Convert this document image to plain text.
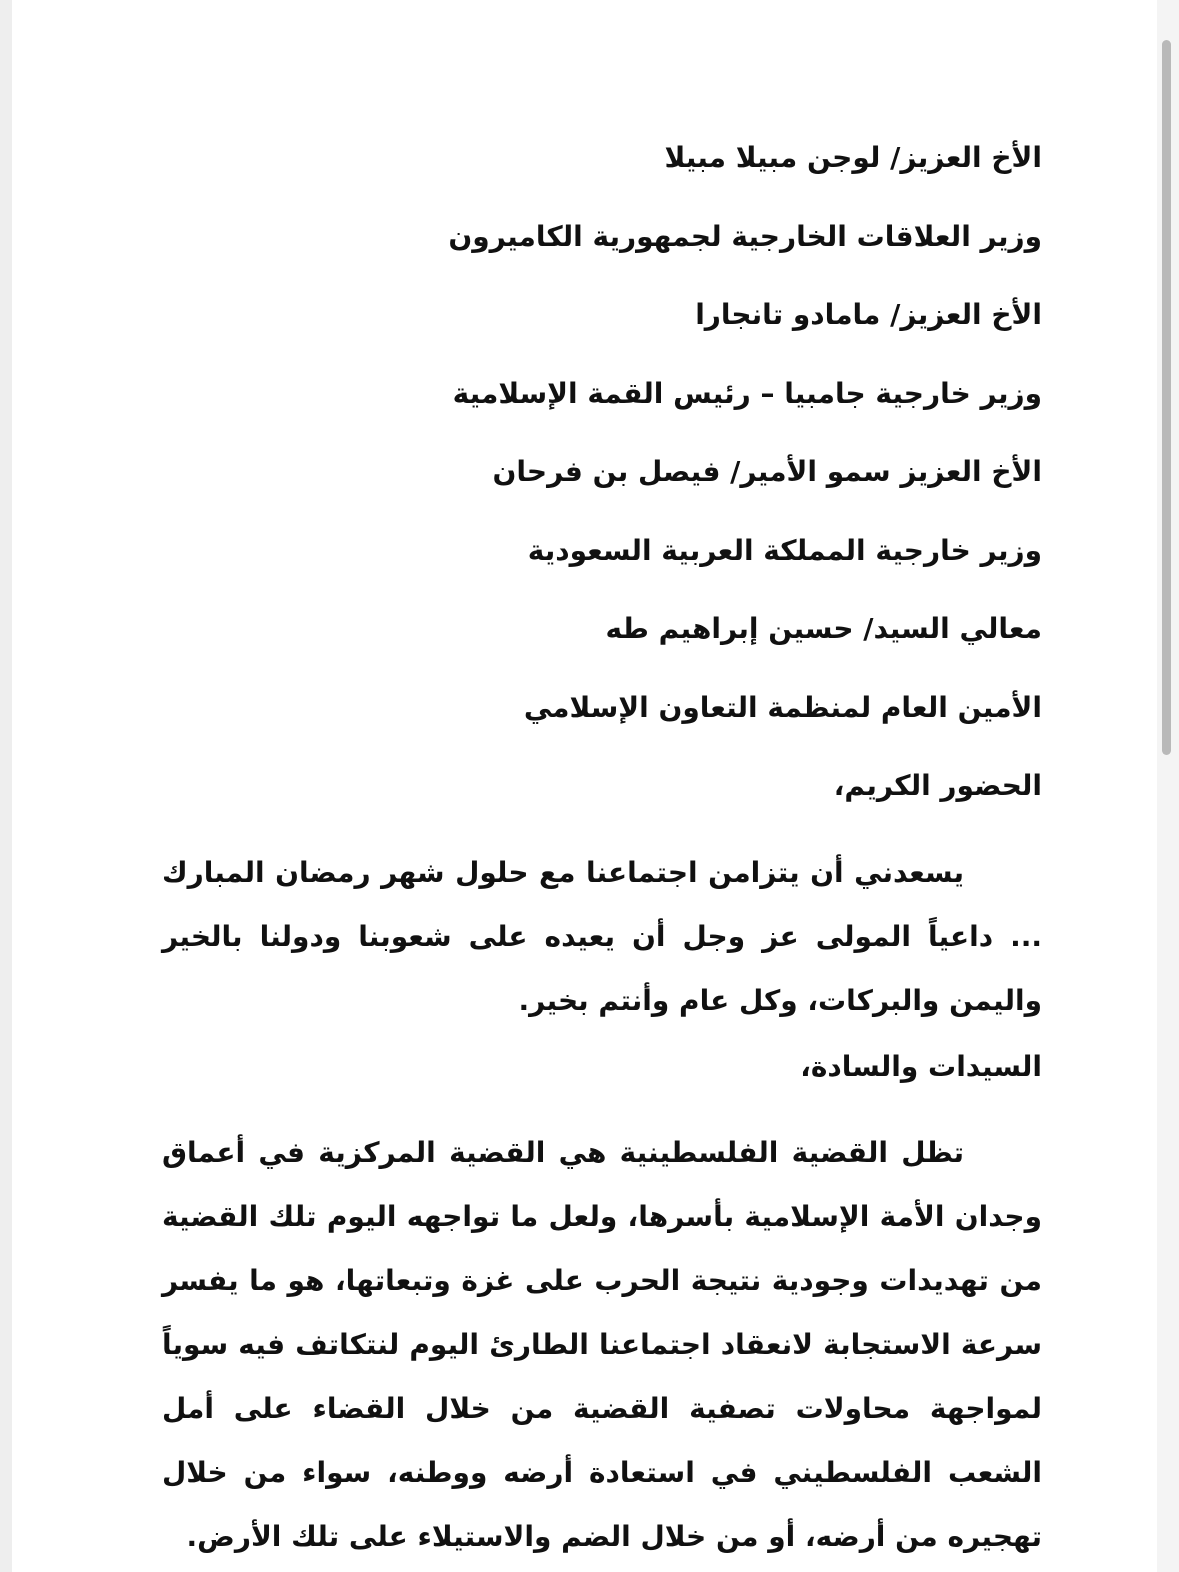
الأخ العزيز/ لوجن مبيلا مبيلا
وزير العلاقات الخارجية لجمهورية الكاميرون
الأخ العزيز/ مامادو تانجارا
وزير خارجية جامبيا – رئيس القمة الإسلامية
الأخ العزيز سمو الأمير/ فيصل بن فرحان
وزير خارجية المملكة العربية السعودية
معالي السيد/ حسين إبراهيم طه
الأمين العام لمنظمة التعاون الإسلامي
الحضور الكريم،

يسعدني أن يتزامن اجتماعنا مع حلول شهر رمضان المبارك ... داعياً المولى عز وجل أن يعيده على شعوبنا ودولنا بالخير واليمن والبركات، وكل عام وأنتم بخير.

السيدات والسادة،

تظل القضية الفلسطينية هي القضية المركزية في أعماق وجدان الأمة الإسلامية بأسرها، ولعل ما تواجهه اليوم تلك القضية من تهديدات وجودية نتيجة الحرب على غزة وتبعاتها، هو ما يفسر سرعة الاستجابة لانعقاد اجتماعنا الطارئ اليوم لنتكاتف فيه سوياً لمواجهة محاولات تصفية القضية من خلال القضاء على أمل الشعب الفلسطيني في استعادة أرضه ووطنه، سواء من خلال تهجيره من أرضه، أو من خلال الضم والاستيلاء على تلك الأرض.
